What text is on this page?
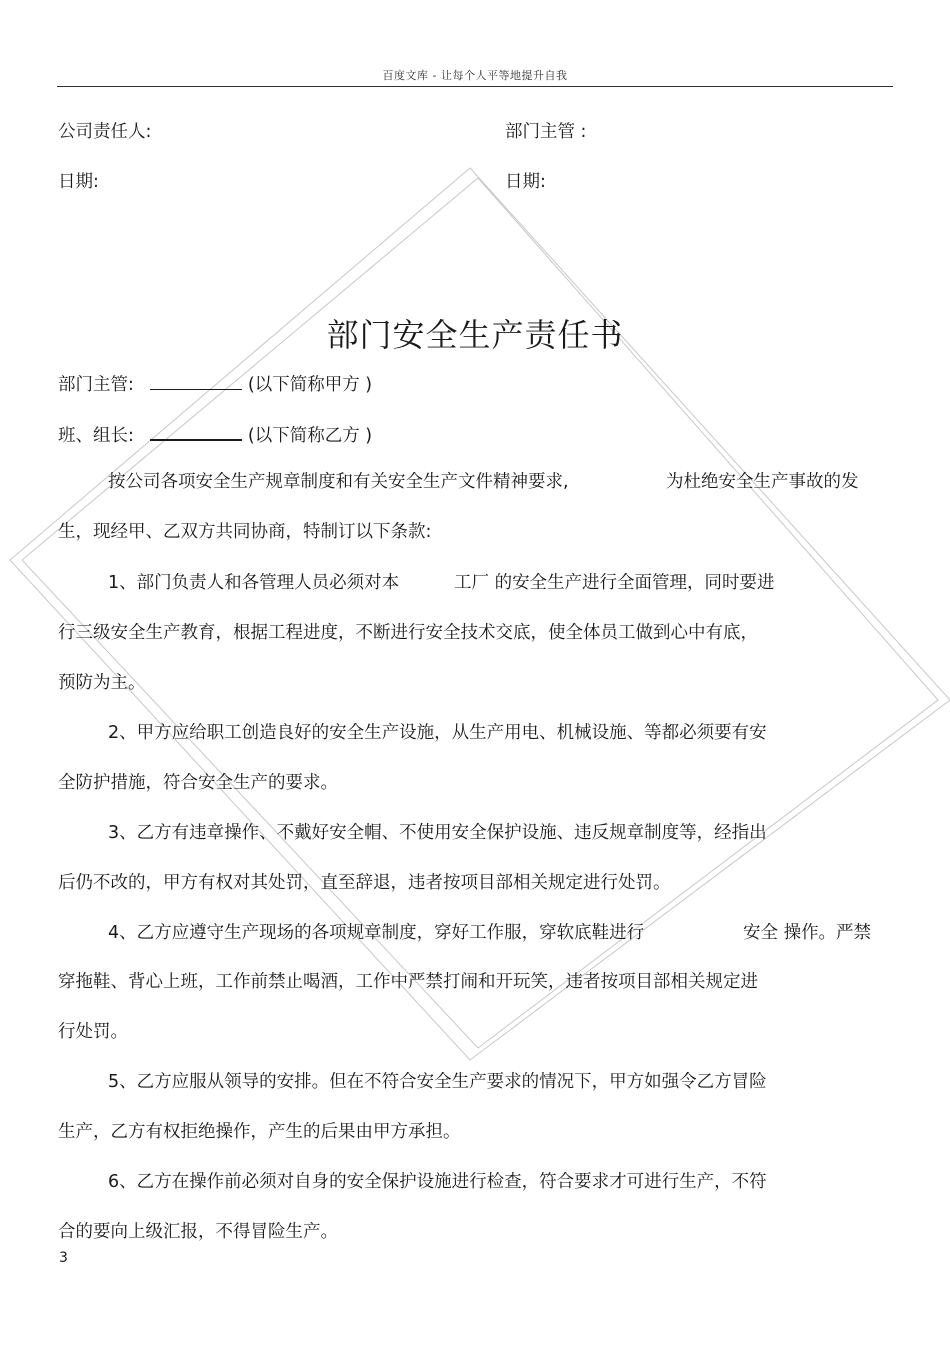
百度文库 - 让每个人平等地提升自我
公司责任人:	部门主管 :
日期:	日期:
部门安全生产责任书
部门主管:	(以下简称甲方 )
班、组长:	(以下简称乙方 )
按公司各项安全生产规章制度和有关安全生产文件精神要求,	为杜绝安全生产事故的发
生，现经甲、乙双方共同协商，特制订以下条款:
1、部门负责人和各管理人员必须对本	工厂 的安全生产进行全面管理，同时要进
行三级安全生产教育，根据工程进度，不断进行安全技术交底，使全体员工做到心中有底，
预防为主。
2、甲方应给职工创造良好的安全生产设施，从生产用电、机械设施、等都必须要有安
全防护措施，符合安全生产的要求。
3、乙方有违章操作、不戴好安全帽、不使用安全保护设施、违反规章制度等，经指出
后仍不改的，甲方有权对其处罚，直至辞退，违者按项目部相关规定进行处罚。
4、乙方应遵守生产现场的各项规章制度，穿好工作服，穿软底鞋进行	安全 操作。严禁
穿拖鞋、背心上班，工作前禁止喝酒，工作中严禁打闹和开玩笑，违者按项目部相关规定进
行处罚。
5、乙方应服从领导的安排。但在不符合安全生产要求的情况下，甲方如强令乙方冒险
生产，乙方有权拒绝操作，产生的后果由甲方承担。
6、乙方在操作前必须对自身的安全保护设施进行检查，符合要求才可进行生产，不符
合的要向上级汇报，不得冒险生产。
3
